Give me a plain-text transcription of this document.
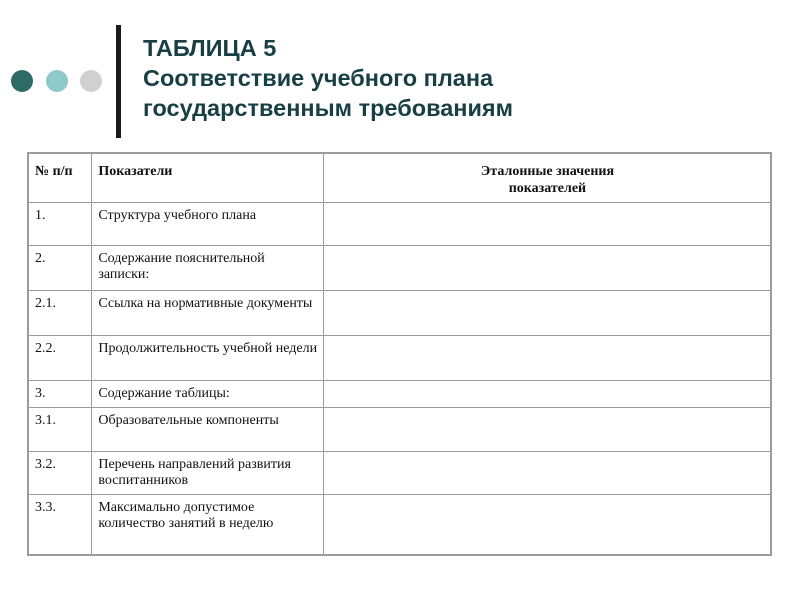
ТАБЛИЦА 5
Соответствие учебного плана
государственным требованиям
№ п/п	Показатели	Эталонные значения показателей
1.	Структура учебного плана	
2.	Содержание пояснительной записки:	
2.1.	Ссылка на нормативные документы	
2.2.	Продолжительность учебной недели	
3.	Содержание таблицы:	
3.1.	Образовательные компоненты	
3.2.	Перечень направлений развития воспитанников	
3.3.	Максимально допустимое количество занятий в неделю	
